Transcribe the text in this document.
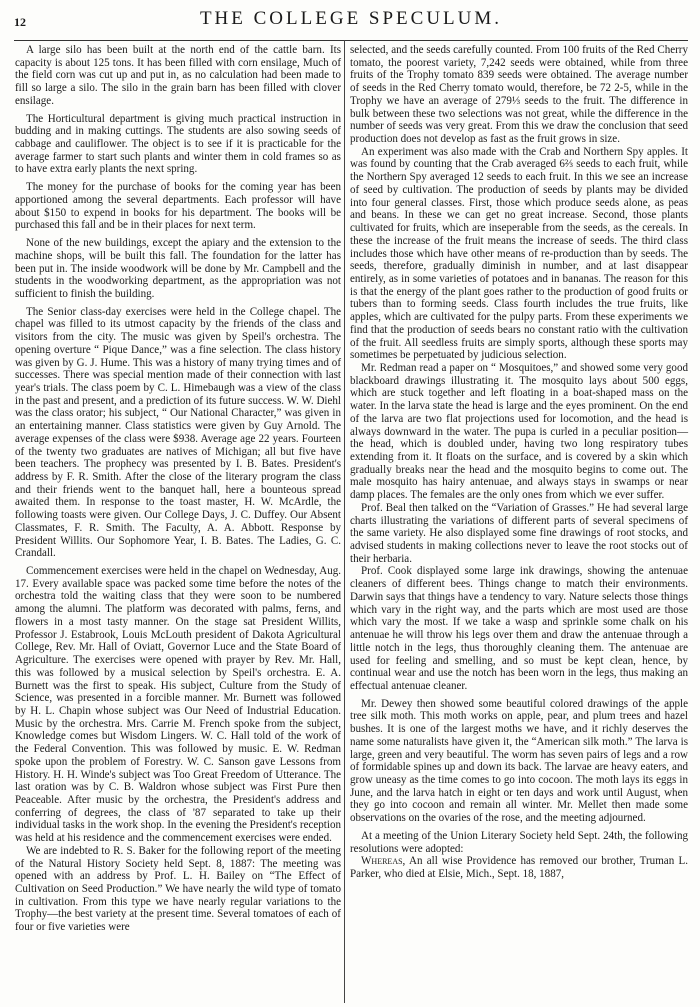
12	THE COLLEGE SPECULUM.

A large silo has been built at the north end of the cattle barn. Its capacity is about 125 tons. It has been filled with corn ensilage, Much of the field corn was cut up and put in, as no calculation had been made to fill so large a silo. The silo in the grain barn has been filled with clover ensilage.

The Horticultural department is giving much practical instruction in budding and in making cuttings. The students are also sowing seeds of cabbage and cauliflower. The object is to see if it is practicable for the average farmer to start such plants and winter them in cold frames so as to have extra early plants the next spring.

The money for the purchase of books for the coming year has been apportioned among the several departments. Each professor will have about $150 to expend in books for his department. The books will be purchased this fall and be in their places for next term.

None of the new buildings, except the apiary and the extension to the machine shops, will be built this fall. The foundation for the latter has been put in. The inside woodwork will be done by Mr. Campbell and the students in the woodworking department, as the appropriation was not sufficient to finish the building.

The Senior class-day exercises were held in the College chapel. The chapel was filled to its utmost capacity by the friends of the class and visitors from the city. The music was given by Speil's orchestra. The opening overture “ Pique Dance,” was a fine selection. The class history was given by G. J. Hume. This was a history of many trying times and of successes. There was special mention made of their connection with last year's trials. The class poem by C. L. Himebaugh was a view of the class in the past and present, and a prediction of its future success. W. W. Diehl was the class orator; his subject, “ Our National Character,” was given in an entertaining manner. Class statistics were given by Guy Arnold. The average expenses of the class were $938. Average age 22 years. Fourteen of the twenty two graduates are natives of Michigan; all but five have been teachers. The prophecy was presented by I. B. Bates. President's address by F. R. Smith. After the close of the literary program the class and their friends went to the banquet hall, here a bounteous spread awaited them. In response to the toast master, H. W. McArdle, the following toasts were given. Our College Days, J. C. Duffey. Our Absent Classmates, F. R. Smith. The Faculty, A. A. Abbott. Response by President Willits. Our Sophomore Year, I. B. Bates. The Ladies, G. C. Crandall.

Commencement exercises were held in the chapel on Wednesday, Aug. 17. Every available space was packed some time before the notes of the orchestra told the waiting class that they were soon to be numbered among the alumni. The platform was decorated with palms, ferns, and flowers in a most tasty manner. On the stage sat President Willits, Professor J. Estabrook, Louis McLouth president of Dakota Agricultural College, Rev. Mr. Hall of Oviatt, Governor Luce and the State Board of Agriculture. The exercises were opened with prayer by Rev. Mr. Hall, this was followed by a musical selection by Speil's orchestra. E. A. Burnett was the first to speak. His subject, Culture from the Study of Science, was presented in a forcible manner. Mr. Burnett was followed by H. L. Chapin whose subject was Our Need of Industrial Education. Music by the orchestra. Mrs. Carrie M. French spoke from the subject, Knowledge comes but Wisdom Lingers. W. C. Hall told of the work of the Federal Convention. This was followed by music. E. W. Redman spoke upon the problem of Forestry. W. C. Sanson gave Lessons from History. H. H. Winde's subject was Too Great Freedom of Utterance. The last oration was by C. B. Waldron whose subject was First Pure then Peaceable. After music by the orchestra, the President's address and conferring of degrees, the class of '87 separated to take up their individual tasks in the work shop. In the evening the President's reception was held at his residence and the commencement exercises were ended.

We are indebted to R. S. Baker for the following report of the meeting of the Natural History Society held Sept. 8, 1887: The meeting was opened with an address by Prof. L. H. Bailey on “The Effect of Cultivation on Seed Production.” We have nearly the wild type of tomato in cultivation. From this type we have nearly regular variations to the Trophy—the best variety at the present time. Several tomatoes of each of four or five varieties were

selected, and the seeds carefully counted. From 100 fruits of the Red Cherry tomato, the poorest variety, 7,242 seeds were obtained, while from three fruits of the Trophy tomato 839 seeds were obtained. The average number of seeds in the Red Cherry tomato would, therefore, be 72 2-5, while in the Trophy we have an average of 279⅓ seeds to the fruit. The difference in bulk between these two selections was not great, while the difference in the number of seeds was very great. From this we draw the conclusion that seed production does not develop as fast as the fruit grows in size.

An experiment was also made with the Crab and Northern Spy apples. It was found by counting that the Crab averaged 6⅔ seeds to each fruit, while the Northern Spy averaged 12 seeds to each fruit. In this we see an increase of seed by cultivation. The production of seeds by plants may be divided into four general classes. First, those which produce seeds alone, as peas and beans. In these we can get no great increase. Second, those plants cultivated for fruits, which are inseperable from the seeds, as the cereals. In these the increase of the fruit means the increase of seeds. The third class includes those which have other means of re-production than by seeds. The seeds, therefore, gradually diminish in number, and at last disappear entirely, as in some varieties of potatoes and in bananas. The reason for this is that the energy of the plant goes rather to the production of good fruits or tubers than to forming seeds. Class fourth includes the true fruits, like apples, which are cultivated for the pulpy parts. From these experiments we find that the production of seeds bears no constant ratio with the cultivation of the fruit. All seedless fruits are simply sports, although these sports may sometimes be perpetuated by judicious selection.

Mr. Redman read a paper on “ Mosquitoes,” and showed some very good blackboard drawings illustrating it. The mosquito lays about 500 eggs, which are stuck together and left floating in a boat-shaped mass on the water. In the larva state the head is large and the eyes prominent. On the end of the larva are two flat projections used for locomotion, and the head is always downward in the water. The pupa is curled in a peculiar position—the head, which is doubled under, having two long respiratory tubes extending from it. It floats on the surface, and is covered by a skin which gradually breaks near the head and the mosquito begins to come out. The male mosquito has hairy antenuae, and always stays in swamps or near damp places. The females are the only ones from which we ever suffer.

Prof. Beal then talked on the “Variation of Grasses.” He had several large charts illustrating the variations of different parts of several specimens of the same variety. He also displayed some fine drawings of root stocks, and advised students in making collections never to leave the root stocks out of their herbaria.

Prof. Cook displayed some large ink drawings, showing the antenuae cleaners of different bees. Things change to match their environments. Darwin says that things have a tendency to vary. Nature selects those things which vary in the right way, and the parts which are most used are those which vary the most. If we take a wasp and sprinkle some chalk on his antenuae he will throw his legs over them and draw the antenuae through a little notch in the legs, thus thoroughly cleaning them. The antenuae are used for feeling and smelling, and so must be kept clean, hence, by continual wear and use the notch has been worn in the legs, thus making an effectual antenuae cleaner.

Mr. Dewey then showed some beautiful colored drawings of the apple tree silk moth. This moth works on apple, pear, and plum trees and hazel bushes. It is one of the largest moths we have, and it richly deserves the name some naturalists have given it, the “American silk moth.” The larva is large, green and very beautiful. The worm has seven pairs of legs and a row of formidable spines up and down its back. The larvae are heavy eaters, and grow uneasy as the time comes to go into cocoon. The moth lays its eggs in June, and the larva hatch in eight or ten days and work until August, when they go into cocoon and remain all winter. Mr. Mellet then made some observations on the ovaries of the rose, and the meeting adjourned.

At a meeting of the Union Literary Society held Sept. 24th, the following resolutions were adopted:

Whereas, An all wise Providence has removed our brother, Truman L. Parker, who died at Elsie, Mich., Sept. 18, 1887,
